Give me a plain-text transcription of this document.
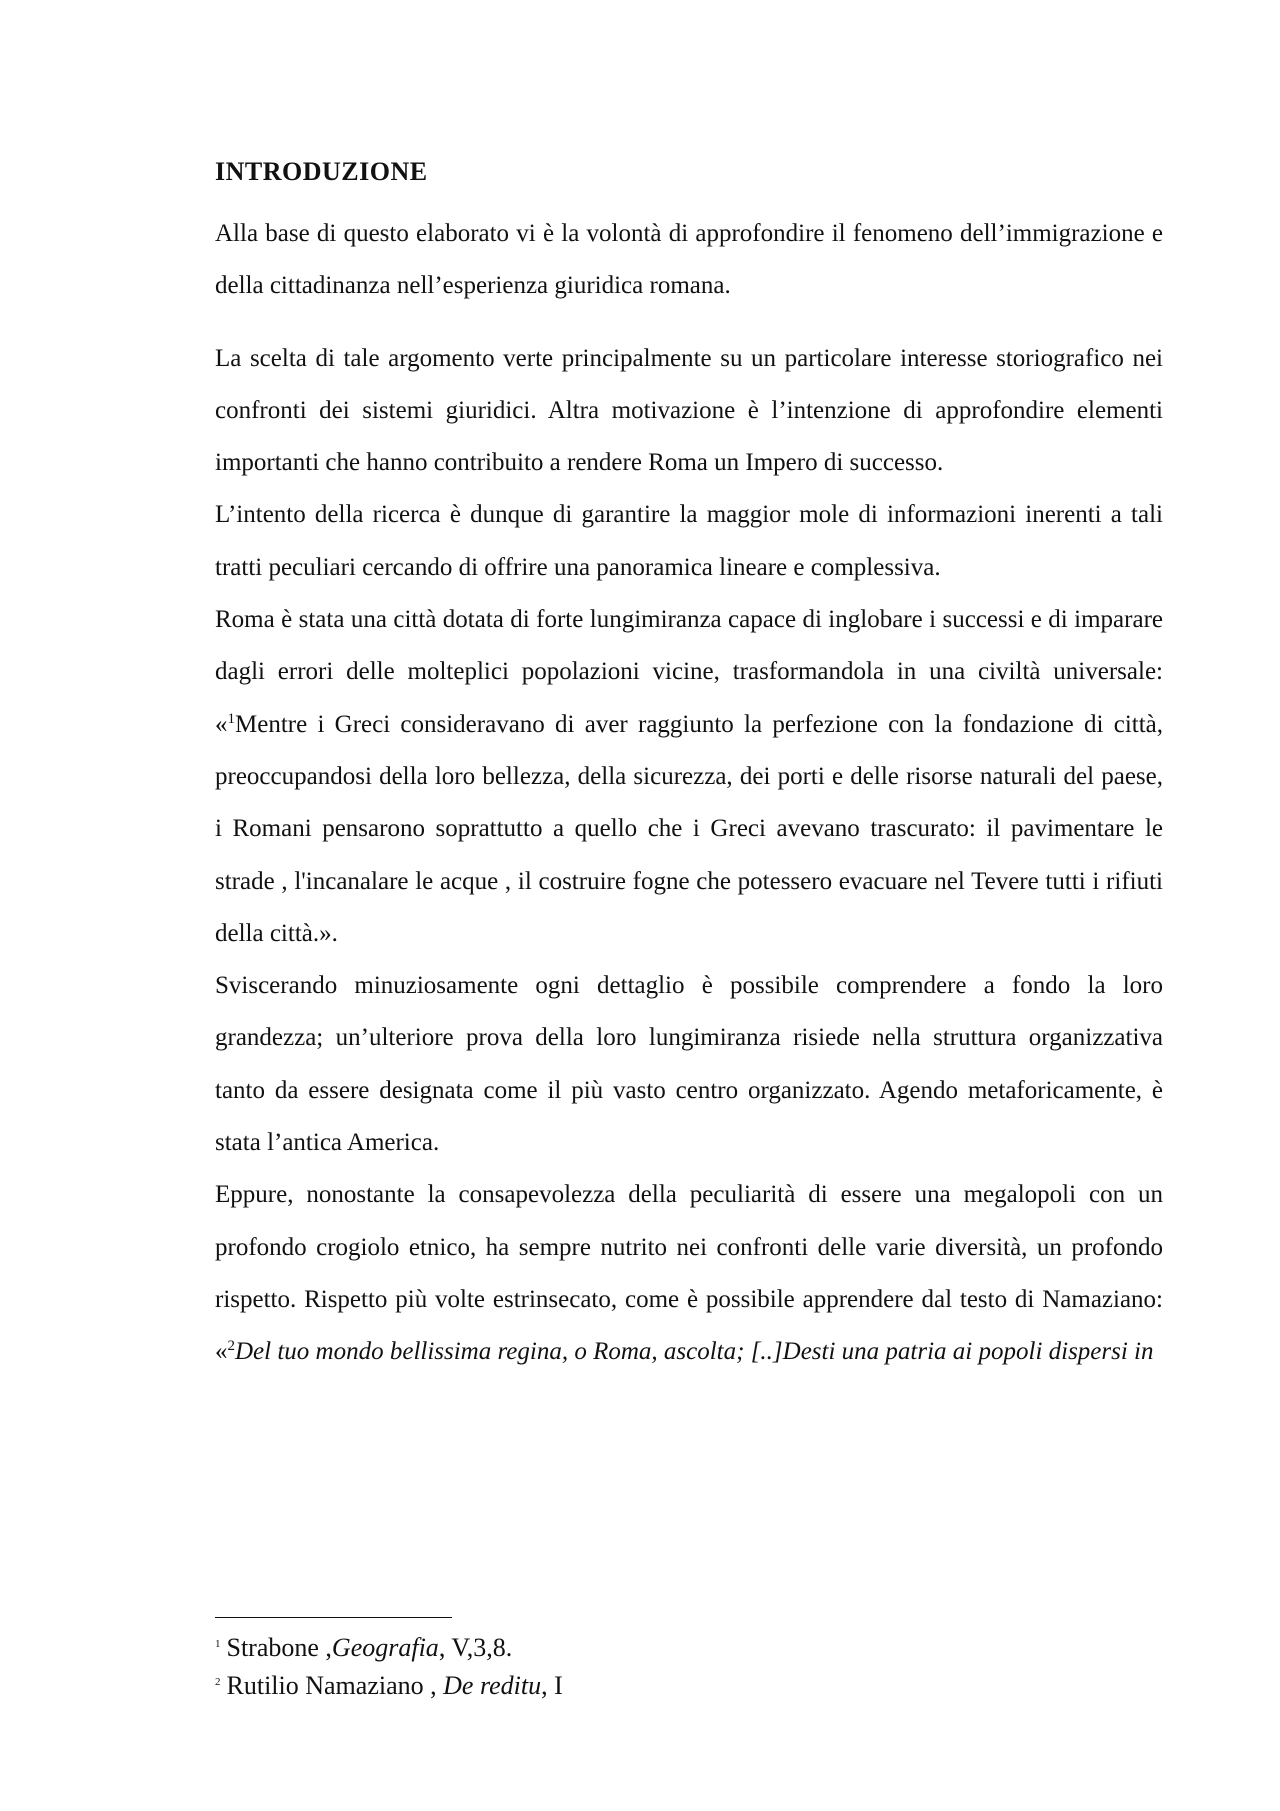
INTRODUZIONE

Alla base di questo elaborato vi è la volontà di approfondire il fenomeno dell’immigrazione e della cittadinanza nell’esperienza giuridica romana.

La scelta di tale argomento verte principalmente su un particolare interesse storiografico nei confronti dei sistemi giuridici. Altra motivazione è l’intenzione di approfondire elementi importanti che hanno contribuito a rendere Roma un Impero di successo.

L’intento della ricerca è dunque di garantire la maggior mole di informazioni inerenti a tali tratti peculiari cercando di offrire una panoramica lineare e complessiva.

Roma è stata una città dotata di forte lungimiranza capace di inglobare i successi e di imparare dagli errori delle molteplici popolazioni vicine, trasformandola in una civiltà universale: «$^1$Mentre i Greci consideravano di aver raggiunto la perfezione con la fondazione di città, preoccupandosi della loro bellezza, della sicurezza, dei porti e delle risorse naturali del paese, i Romani pensarono soprattutto a quello che i Greci avevano trascurato: il pavimentare le strade , l'incanalare le acque , il costruire fogne che potessero evacuare nel Tevere tutti i rifiuti della città.».

Sviscerando minuziosamente ogni dettaglio è possibile comprendere a fondo la loro grandezza; un’ulteriore prova della loro lungimiranza risiede nella struttura organizzativa tanto da essere designata come il più vasto centro organizzato. Agendo metaforicamente, è stata l’antica America.

Eppure, nonostante la consapevolezza della peculiarità di essere una megalopoli con un profondo crogiolo etnico, ha sempre nutrito nei confronti delle varie diversità, un profondo rispetto. Rispetto più volte estrinsecato, come è possibile apprendere dal testo di Namaziano: «$^2$Del tuo mondo bellissima regina, o Roma, ascolta; [..]Desti una patria ai popoli dispersi in

$^1$ Strabone ,Geografia, V,3,8.
$^2$ Rutilio Namaziano , De reditu, I
